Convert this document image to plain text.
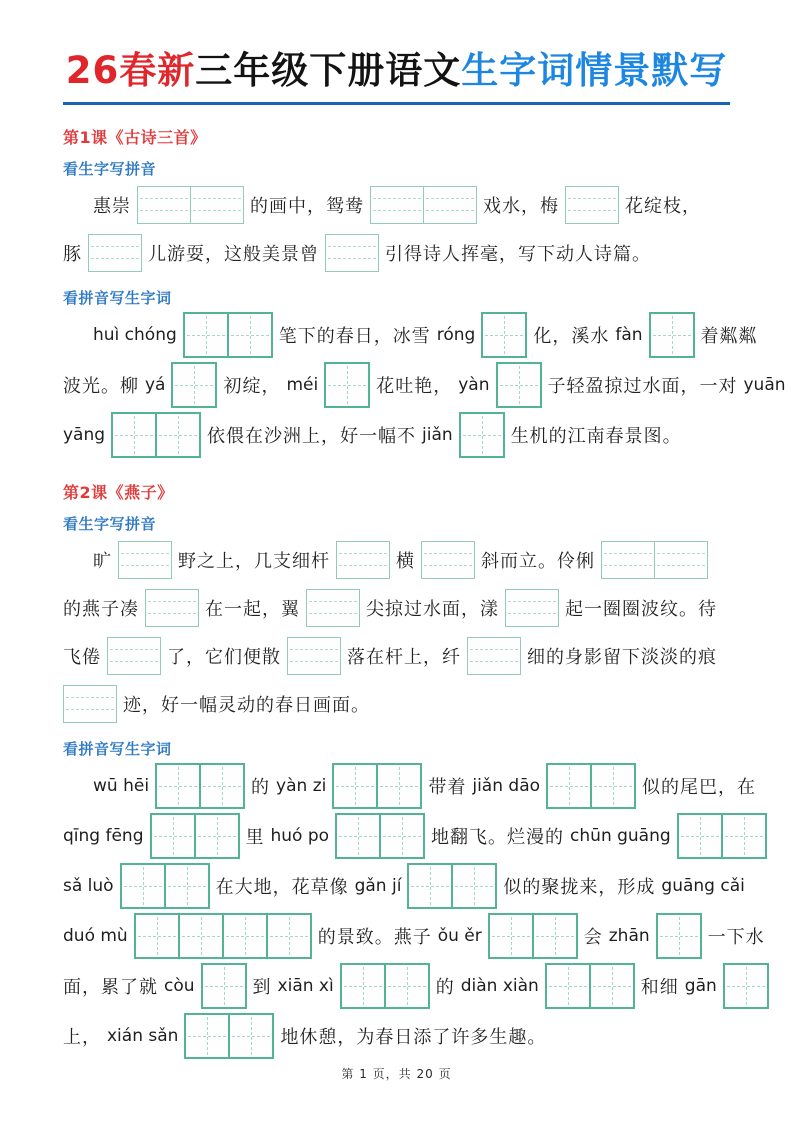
26春新三年级下册语文生字词情景默写
第1课《古诗三首》
看生字写拼音
惠崇	的画中，鸳鸯	戏水，梅	花绽枝，
豚	儿游耍，这般美景曾	引得诗人挥毫，写下动人诗篇。
看拼音写生字词
huì chóng	笔下的春日，冰雪 róng	化，溪水 fàn	着粼粼
波光。柳 yá	初绽， méi	花吐艳， yàn	子轻盈掠过水面，一对 yuān
yāng	依偎在沙洲上，好一幅不 jiǎn	生机的江南春景图。
第2课《燕子》
看生字写拼音
旷	野之上，几支细杆	横	斜而立。伶俐
的燕子凑	在一起，翼	尖掠过水面，漾	起一圈圈波纹。待
飞倦	了，它们便散	落在杆上，纤	细的身影留下淡淡的痕
迹，好一幅灵动的春日画面。
看拼音写生字词
wū hēi	的 yàn zi	带着 jiǎn dāo	似的尾巴，在
qīng fēng	里 huó po	地翻飞。烂漫的 chūn guāng
sǎ luò	在大地，花草像 gǎn jí	似的聚拢来，形成 guāng cǎi
duó mù	的景致。燕子 ǒu ěr	会 zhān	一下水
面，累了就 còu	到 xiān xì	的 diàn xiàn	和细 gān
上， xián sǎn	地休憩，为春日添了许多生趣。
第 1 页，共 20 页
